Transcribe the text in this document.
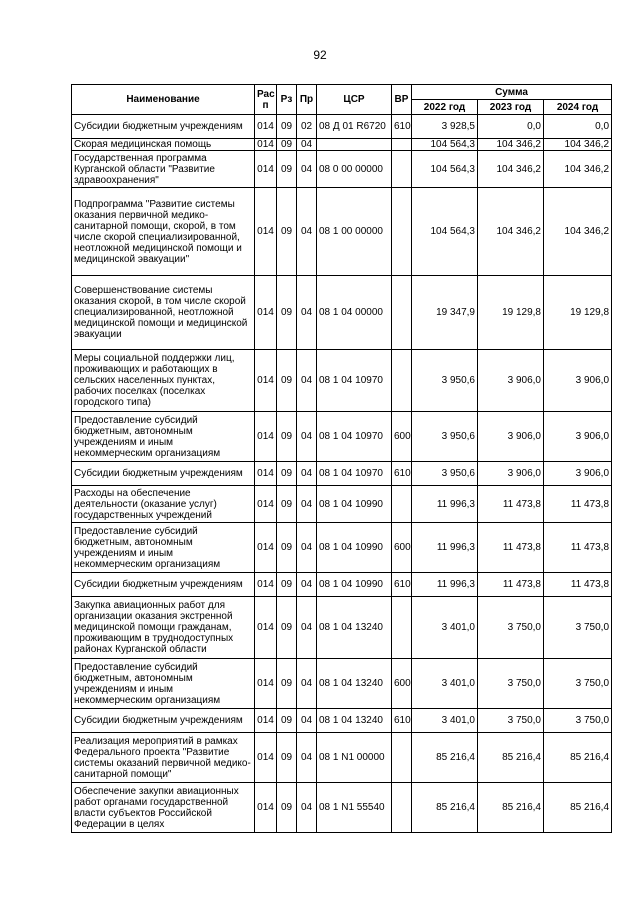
92
Наименование	Рас п	Рз	Пр	ЦСР	ВР	Сумма		
						2022 год	2023 год	2024 год
Субсидии бюджетным учреждениям	014	09	02	08 Д 01 R6720	610	3 928,5	0,0	0,0
Скорая медицинская помощь	014	09	04			104 564,3	104 346,2	104 346,2
Государственная программа Курганской области "Развитие здравоохранения"	014	09	04	08 0 00 00000		104 564,3	104 346,2	104 346,2
Подпрограмма "Развитие системы оказания первичной медико-санитарной помощи, скорой, в том числе скорой специализированной, неотложной медицинской помощи и медицинской эвакуации"	014	09	04	08 1 00 00000		104 564,3	104 346,2	104 346,2
Совершенствование системы оказания скорой, в том числе скорой специализированной, неотложной медицинской помощи и медицинской эвакуации	014	09	04	08 1 04 00000		19 347,9	19 129,8	19 129,8
Меры социальной поддержки лиц, проживающих и работающих в сельских населенных пунктах, рабочих поселках (поселках городского типа)	014	09	04	08 1 04 10970		3 950,6	3 906,0	3 906,0
Предоставление субсидий бюджетным, автономным учреждениям и иным некоммерческим организациям	014	09	04	08 1 04 10970	600	3 950,6	3 906,0	3 906,0
Субсидии бюджетным учреждениям	014	09	04	08 1 04 10970	610	3 950,6	3 906,0	3 906,0
Расходы на обеспечение деятельности (оказание услуг) государственных учреждений	014	09	04	08 1 04 10990		11 996,3	11 473,8	11 473,8
Предоставление субсидий бюджетным, автономным учреждениям и иным некоммерческим организациям	014	09	04	08 1 04 10990	600	11 996,3	11 473,8	11 473,8
Субсидии бюджетным учреждениям	014	09	04	08 1 04 10990	610	11 996,3	11 473,8	11 473,8
Закупка авиационных работ для организации оказания экстренной медицинской помощи гражданам, проживающим в труднодоступных районах Курганской области	014	09	04	08 1 04 13240		3 401,0	3 750,0	3 750,0
Предоставление субсидий бюджетным, автономным учреждениям и иным некоммерческим организациям	014	09	04	08 1 04 13240	600	3 401,0	3 750,0	3 750,0
Субсидии бюджетным учреждениям	014	09	04	08 1 04 13240	610	3 401,0	3 750,0	3 750,0
Реализация мероприятий в рамках Федерального проекта "Развитие системы оказаний первичной медико-санитарной помощи"	014	09	04	08 1 N1 00000		85 216,4	85 216,4	85 216,4
Обеспечение закупки авиационных работ органами государственной власти субъектов Российской Федерации в целях	014	09	04	08 1 N1 55540		85 216,4	85 216,4	85 216,4
